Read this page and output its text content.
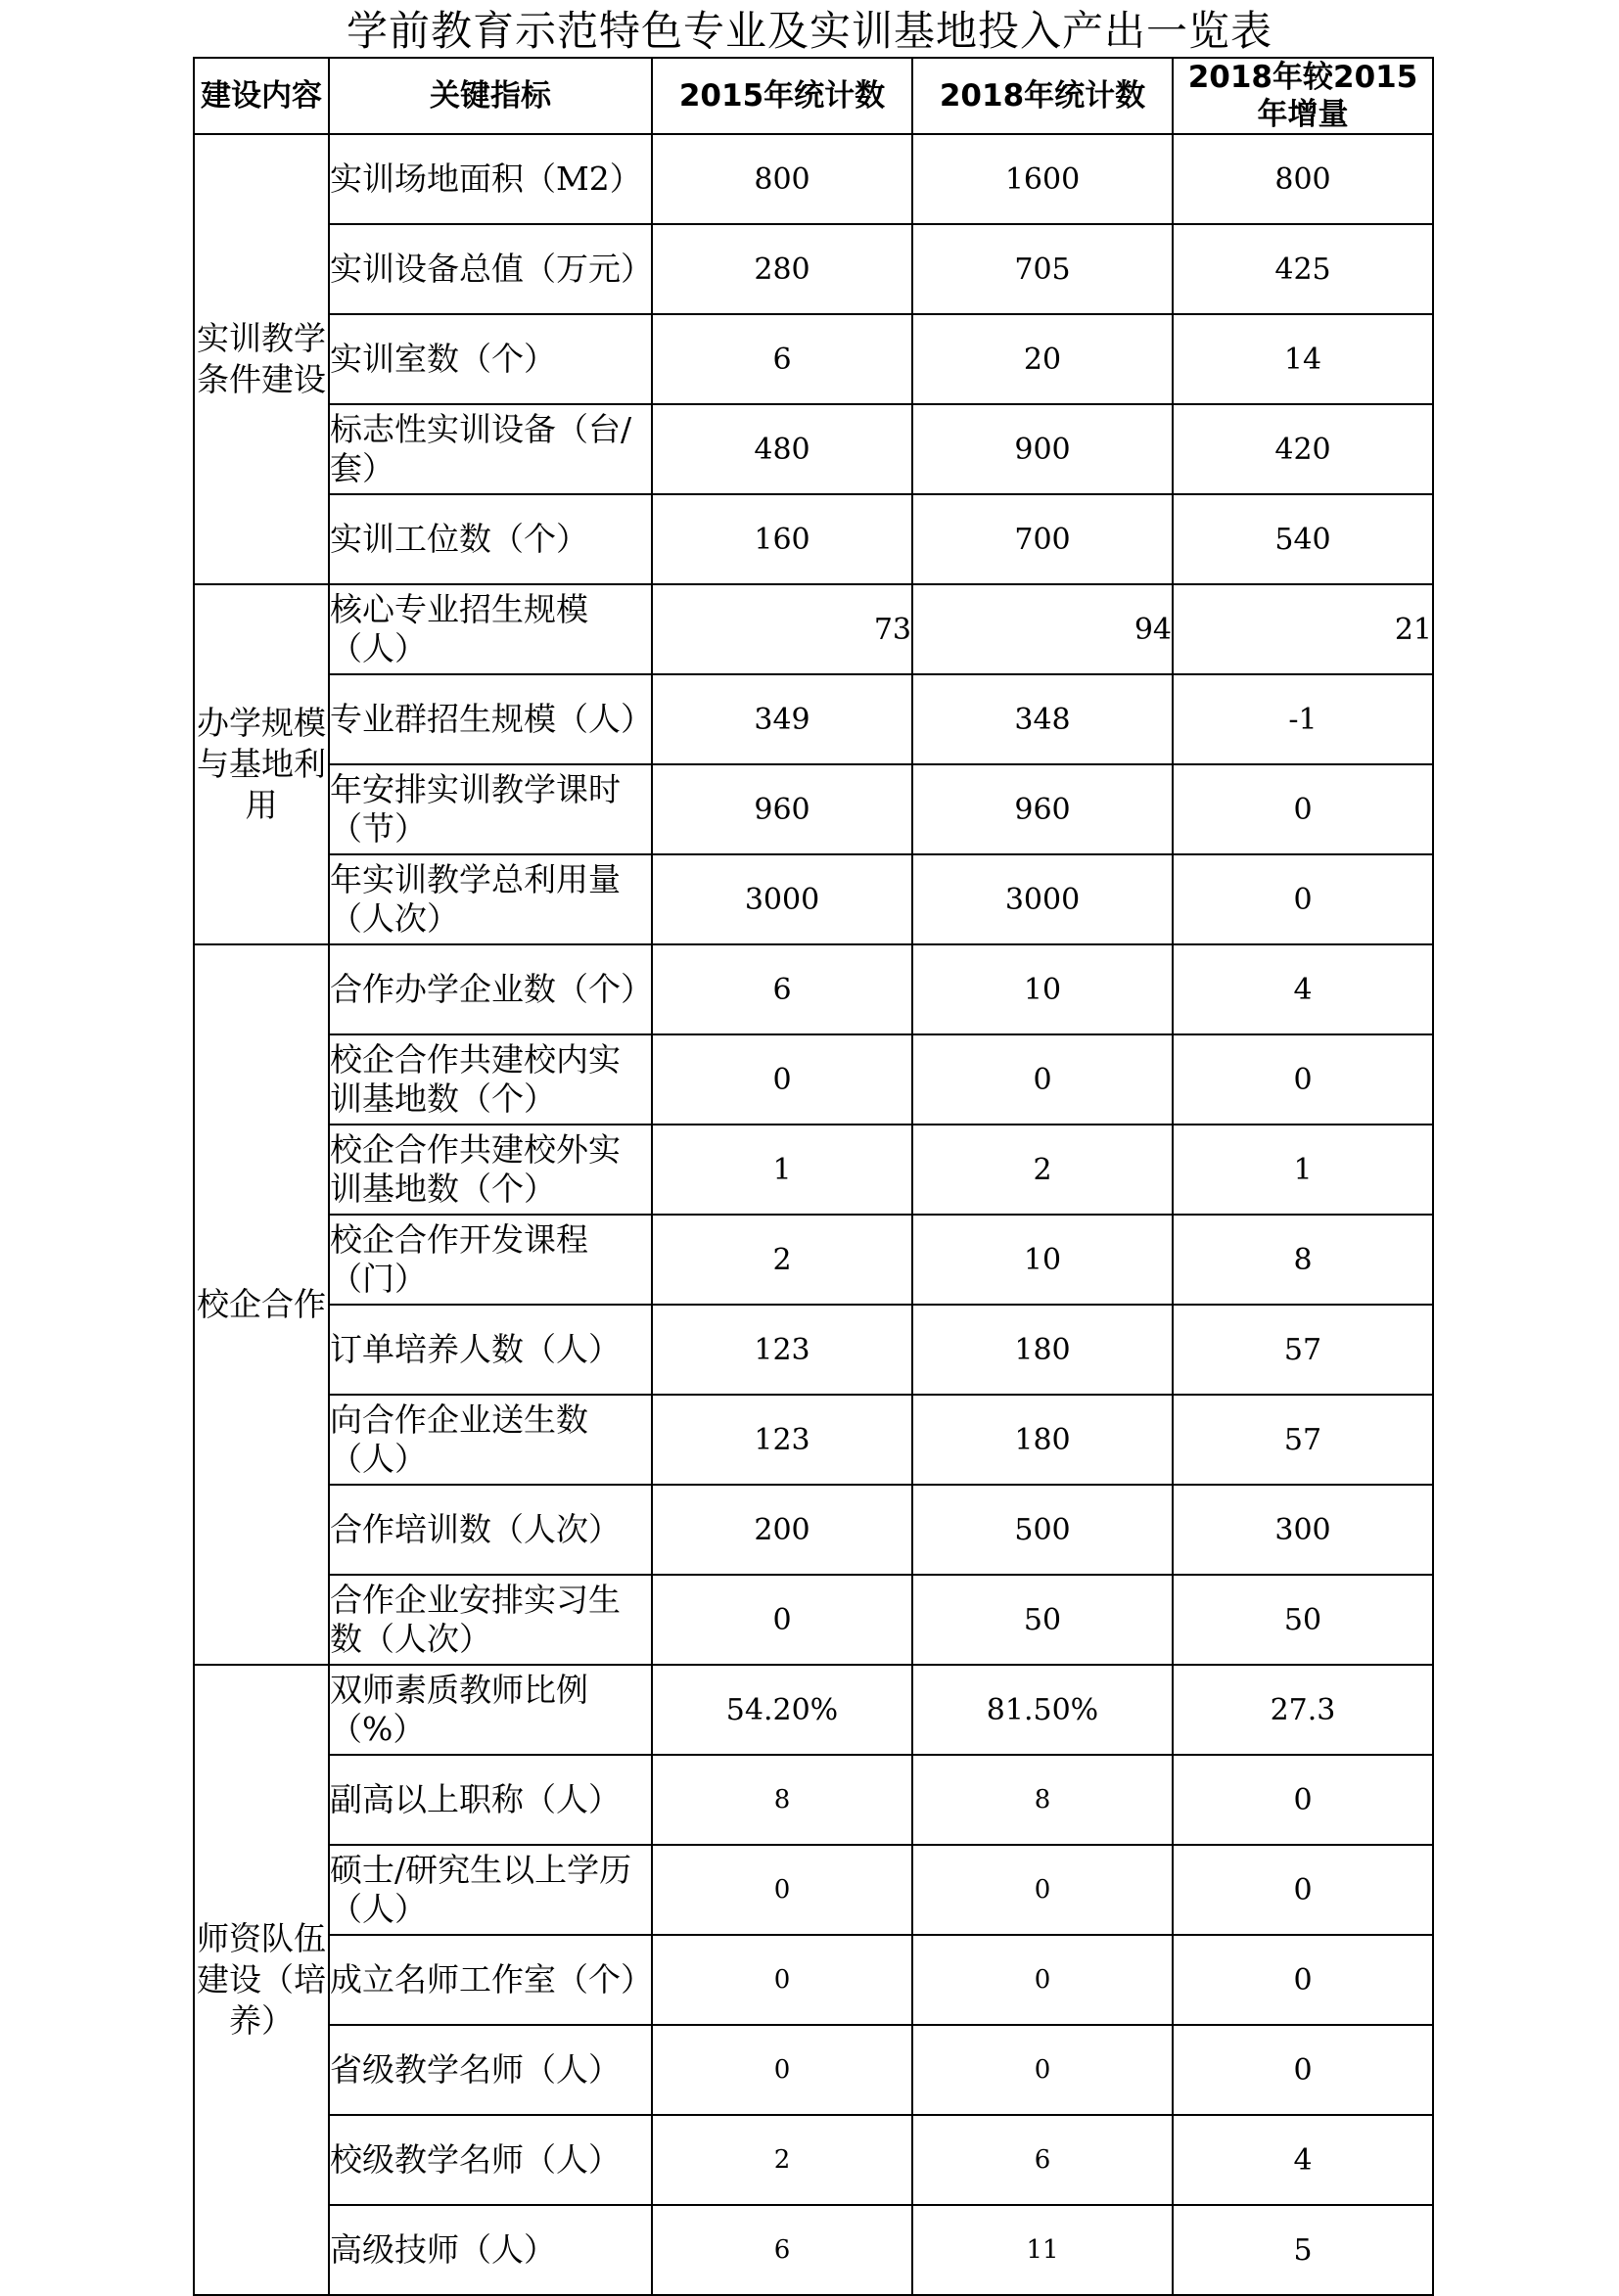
学前教育示范特色专业及实训基地投入产出一览表
建设内容	关键指标	2015年统计数	2018年统计数	2018年较2015年增量
实训教学条件建设	实训场地面积（M2）	800	1600	800
	实训设备总值（万元）	280	705	425
	实训室数（个）	6	20	14
	标志性实训设备（台/套）	480	900	420
	实训工位数（个）	160	700	540
办学规模与基地利用	核心专业招生规模（人）	73	94	21
	专业群招生规模（人）	349	348	-1
	年安排实训教学课时（节）	960	960	0
	年实训教学总利用量（人次）	3000	3000	0
校企合作	合作办学企业数（个）	6	10	4
	校企合作共建校内实训基地数（个）	0	0	0
	校企合作共建校外实训基地数（个）	1	2	1
	校企合作开发课程（门）	2	10	8
	订单培养人数（人）	123	180	57
	向合作企业送生数（人）	123	180	57
	合作培训数（人次）	200	500	300
	合作企业安排实习生数（人次）	0	50	50
师资队伍建设（培养）	双师素质教师比例（%）	54.20%	81.50%	27.3
	副高以上职称（人）	8	8	0
	硕士/研究生以上学历（人）	0	0	0
	成立名师工作室（个）	0	0	0
	省级教学名师（人）	0	0	0
	校级教学名师（人）	2	6	4
	高级技师（人）	6	11	5
